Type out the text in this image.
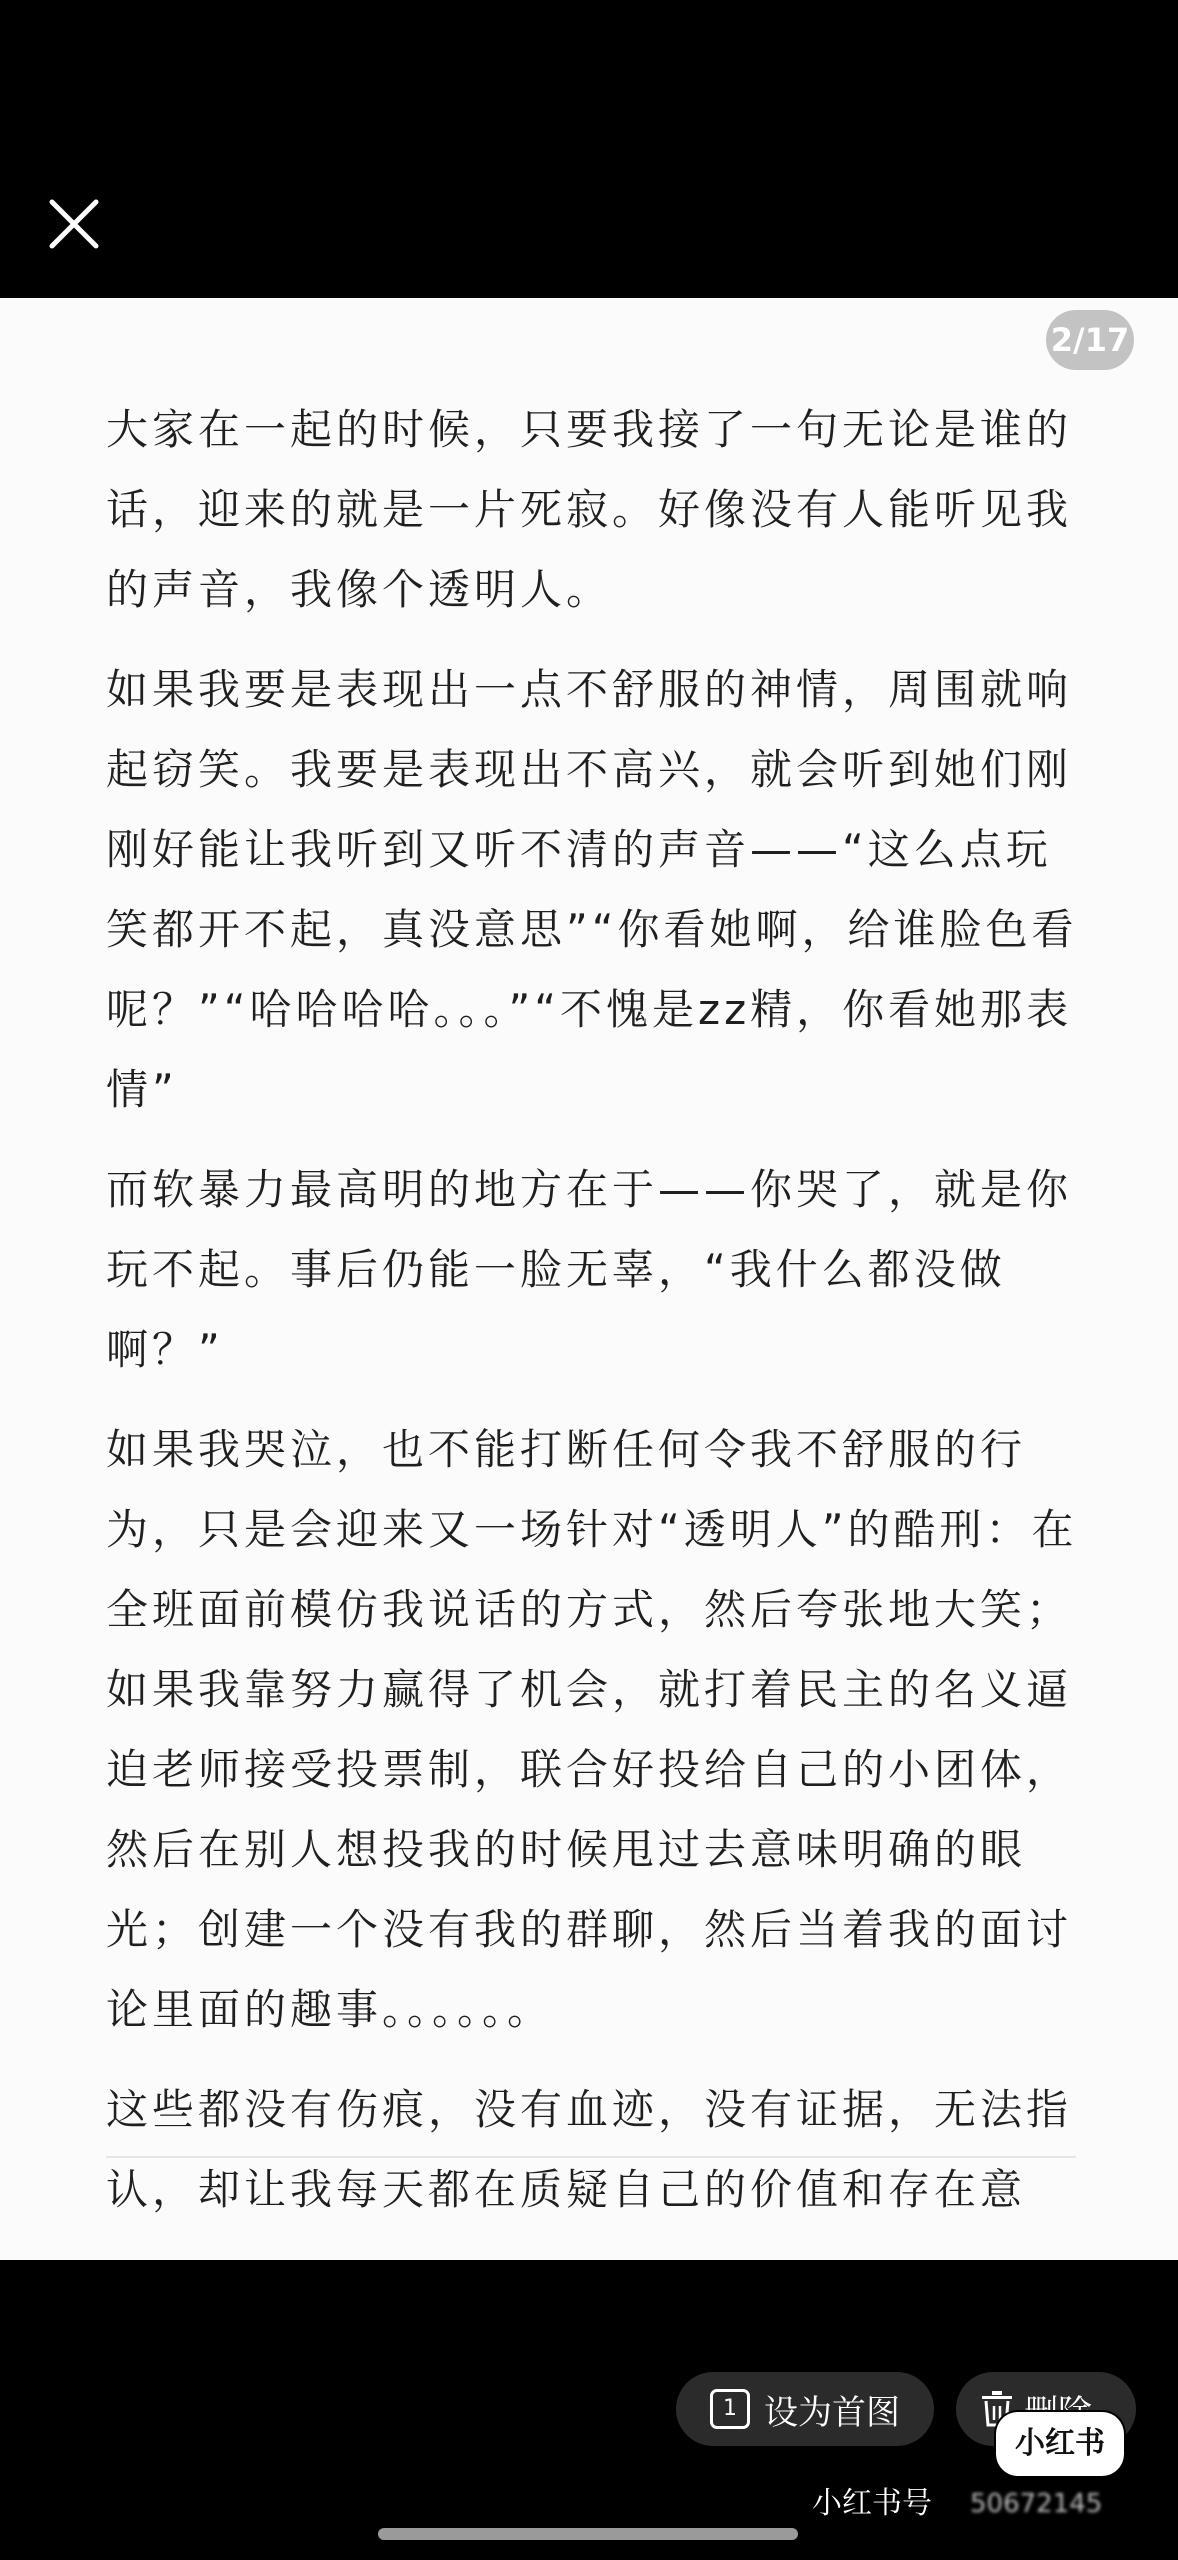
2/17

大家在一起的时候，只要我接了一句无论是谁的话，迎来的就是一片死寂。好像没有人能听见我的声音，我像个透明人。

如果我要是表现出一点不舒服的神情，周围就响起窃笑。我要是表现出不高兴，就会听到她们刚刚好能让我听到又听不清的声音——“这么点玩笑都开不起，真没意思”“你看她啊，给谁脸色看呢？”“哈哈哈哈。。。”“不愧是zz精，你看她那表情”

而软暴力最高明的地方在于——你哭了，就是你玩不起。事后仍能一脸无辜，“我什么都没做啊？”

如果我哭泣，也不能打断任何令我不舒服的行为，只是会迎来又一场针对“透明人”的酷刑：在全班面前模仿我说话的方式，然后夸张地大笑；如果我靠努力赢得了机会，就打着民主的名义逼迫老师接受投票制，联合好投给自己的小团体，然后在别人想投我的时候甩过去意味明确的眼光；创建一个没有我的群聊，然后当着我的面讨论里面的趣事。。。。。。

这些都没有伤痕，没有血迹，没有证据，无法指认，却让我每天都在质疑自己的价值和存在意

1 设为首图
小红书
小红书号 50672145
